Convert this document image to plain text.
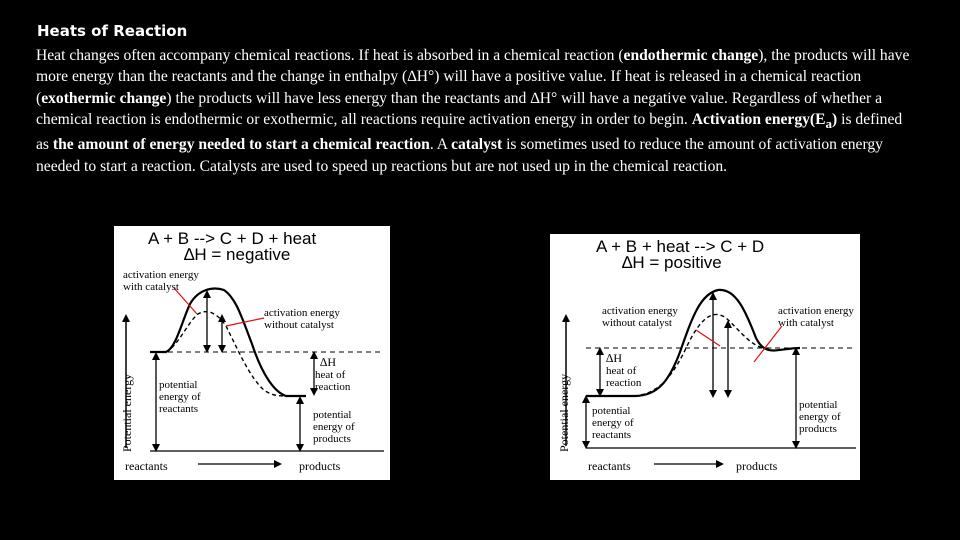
Heats of Reaction

Heat changes often accompany chemical reactions. If heat is absorbed in a chemical reaction (endothermic change), the products will have more energy than the reactants and the change in enthalpy (∆H°) will have a positive value. If heat is released in a chemical reaction (exothermic change) the products will have less energy than the reactants and ∆H° will have a negative value. Regardless of whether a chemical reaction is endothermic or exothermic, all reactions require activation energy in order to begin. Activation $energy(E_a)$ is defined as the amount of energy needed to start a chemical reaction. A catalyst is sometimes used to reduce the amount of activation energy needed to start a reaction. Catalysts are used to speed up reactions but are not used up in the chemical reaction.

A + B --> C + D + heat
∆H = negative
Potential energy
reactants	products
activation energy
with catalyst
activation energy
without catalyst
∆H
heat of
reaction
potential
energy of
reactants	potential
energy of
products
A + B + heat --> C + D
∆H = positive
Potential energy
reactants	products
activation energy
without catalyst
activation energy
with catalyst
∆H
heat of
reaction
potential
energy of
reactants
potential
energy of
products
